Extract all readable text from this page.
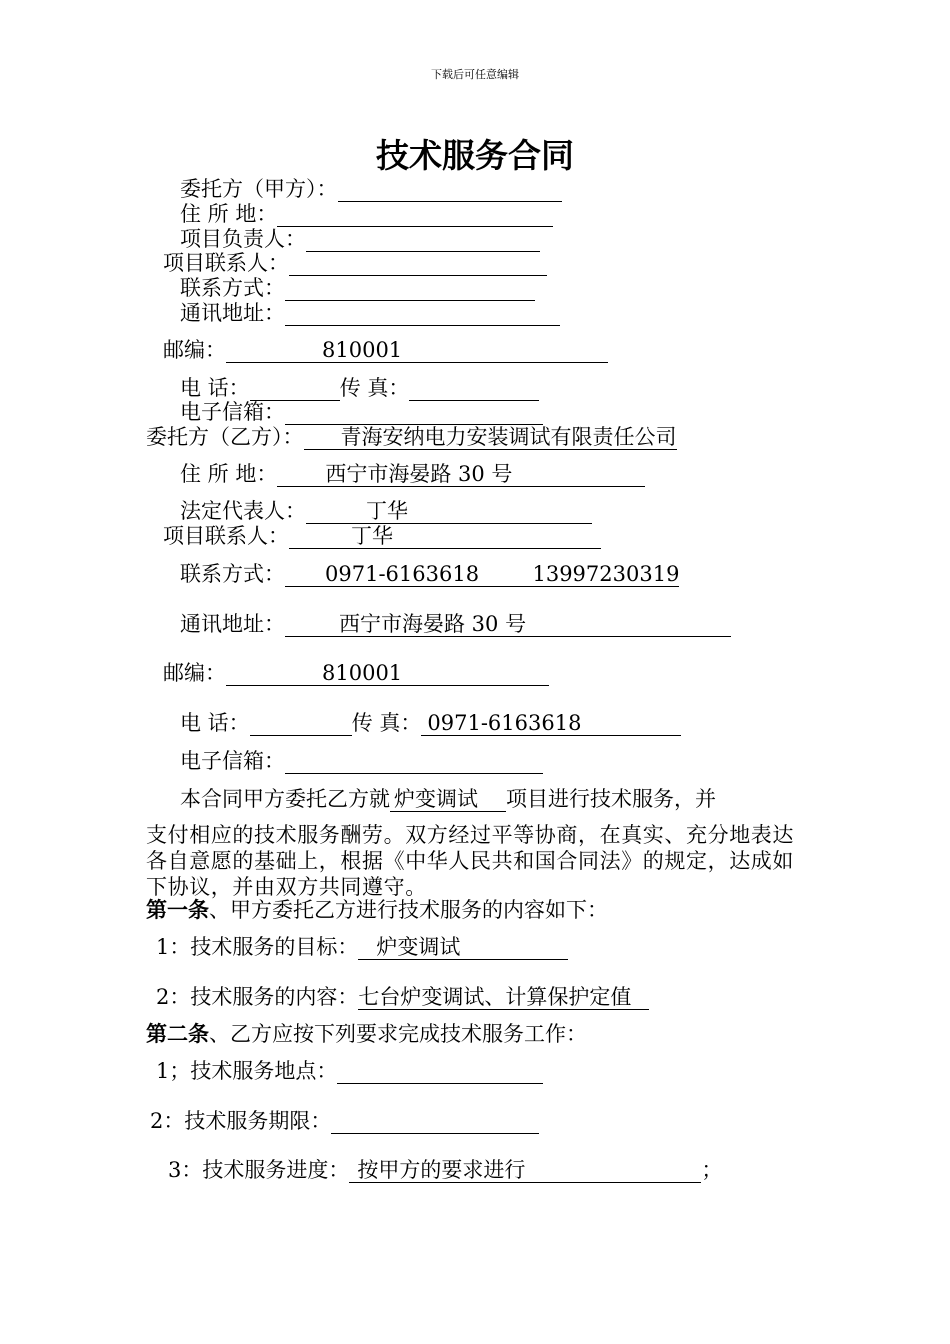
下载后可任意编辑
技术服务合同
委托方（甲方）：
住 所 地：
项目负责人：
项目联系人：
联系方式：
通讯地址：
邮编：	810001
电 话：	传 真：
电子信箱：
委托方（乙方）： 青海安纳电力安装调试有限责任公司
住 所 地： 西宁市海晏路 30 号
法定代表人：	丁华
项目联系人：	丁华
联系方式： 0971-6163618        13997230319
通讯地址：	西宁市海晏路 30 号
邮编：	810001
电 话：	传 真： 0971-6163618
电子信箱：
本合同甲方委托乙方就 炉变调试 项目进行技术服务，并
支付相应的技术服务酬劳。双方经过平等协商，在真实、充分地表达各自意愿的基础上，根据《中华人民共和国合同法》的规定，达成如下协议，并由双方共同遵守。
第一条、甲方委托乙方进行技术服务的内容如下：
1：技术服务的目标： 炉变调试
2：技术服务的内容：七台炉变调试、计算保护定值
第二条、乙方应按下列要求完成技术服务工作：
1；技术服务地点：
2：技术服务期限：
3：技术服务进度： 按甲方的要求进行	；
